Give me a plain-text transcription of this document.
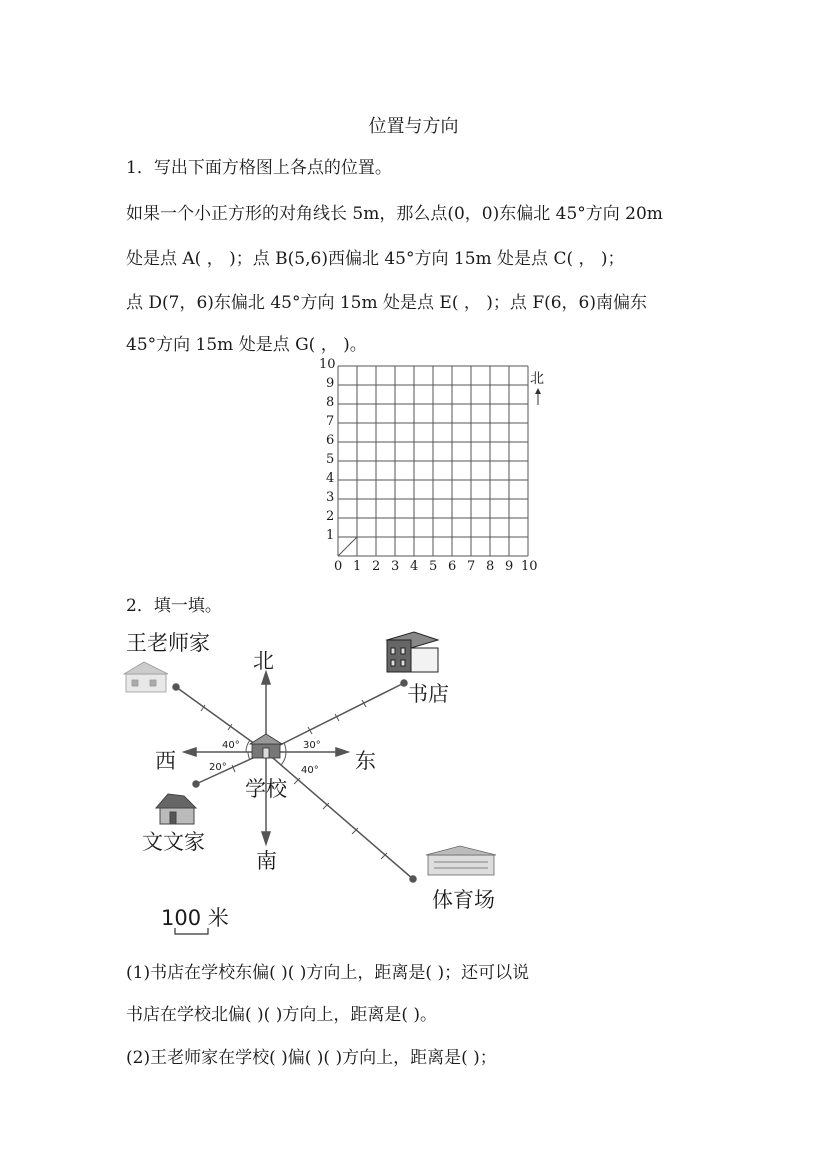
位置与方向
1．写出下面方格图上各点的位置。
如果一个小正方形的对角线长 5m，那么点(0，0)东偏北 45°方向 20m
处是点 A( ， )；点 B(5,6)西偏北 45°方向 15m 处是点 C( ， )；
点 D(7，6)东偏北 45°方向 15m 处是点 E( ， )；点 F(6，6)南偏东
45°方向 15m 处是点 G( ， )。
0 1 2 3 4 5 6 7 8 9 10
1
2
3
4
5
6
7
8
9
10
北
2．填一填。
王老师家
北
书店
西	东
学校
文文家
南
体育场
100 米
40°	30°
20°	40°
(1)书店在学校东偏( )( )方向上，距离是( )；还可以说
书店在学校北偏( )( )方向上，距离是( )。
(2)王老师家在学校( )偏( )( )方向上，距离是( )；
